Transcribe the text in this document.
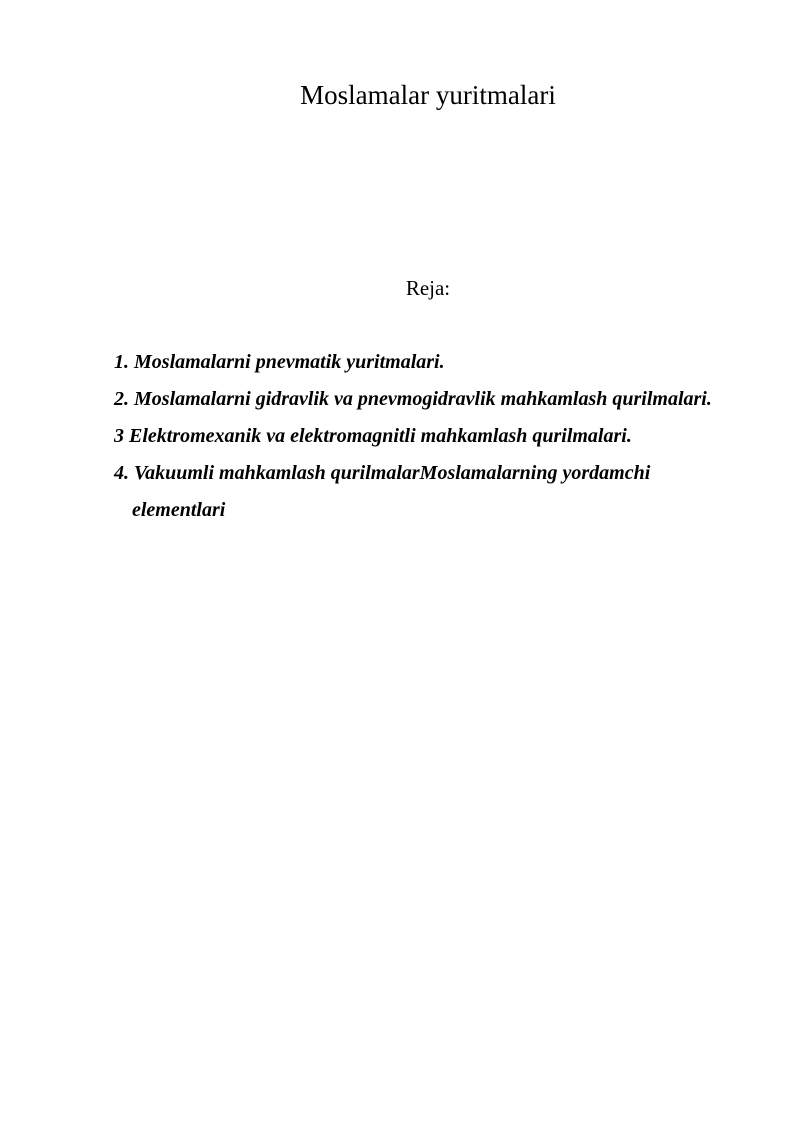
Moslamalar yuritmalari

Reja:

1. Moslamalarni pnevmatik yuritmalari.
2. Moslamalarni gidravlik va pnevmogidravlik mahkamlash qurilmalari.
3 Elektromexanik va elektromagnitli mahkamlash qurilmalari.
4. Vakuumli mahkamlash qurilmalarMoslamalarning yordamchi elementlari
